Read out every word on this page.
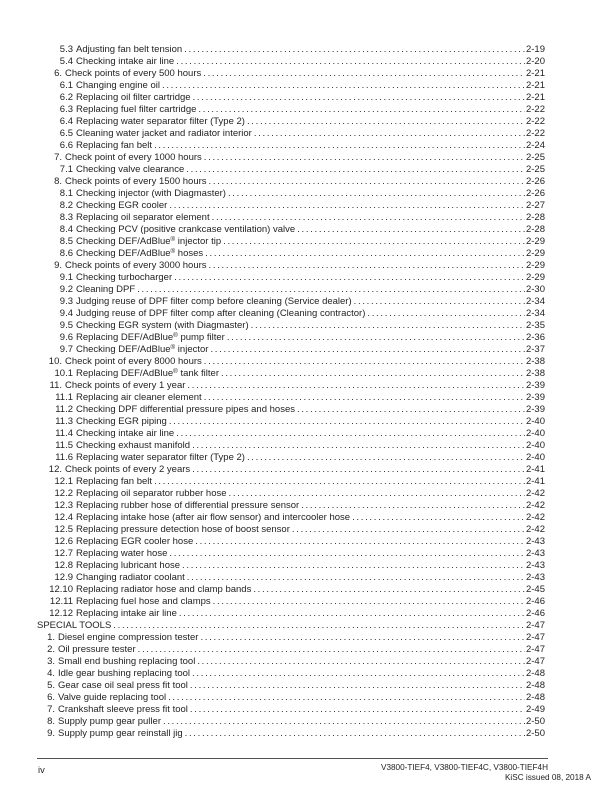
5.3 Adjusting fan belt tension .....	2-19
5.4 Checking intake air line .....	2-20
6. Check points of every 500 hours .....	2-21
6.1 Changing engine oil .....	2-21
6.2 Replacing oil filter cartridge .....	2-21
6.3 Replacing fuel filter cartridge .....	2-22
6.4 Replacing water separator filter (Type 2) .....	2-22
6.5 Cleaning water jacket and radiator interior .....	2-22
6.6 Replacing fan belt .....	2-24
7. Check point of every 1000 hours .....	2-25
7.1 Checking valve clearance .....	2-25
8. Check points of every 1500 hours .....	2-26
8.1 Checking injector (with Diagmaster) .....	2-26
8.2 Checking EGR cooler .....	2-27
8.3 Replacing oil separator element .....	2-28
8.4 Checking PCV (positive crankcase ventilation) valve .....	2-28
8.5 Checking DEF/AdBlue® injector tip .....	2-29
8.6 Checking DEF/AdBlue® hoses .....	2-29
9. Check points of every 3000 hours .....	2-29
9.1 Checking turbocharger .....	2-29
9.2 Cleaning DPF .....	2-30
9.3 Judging reuse of DPF filter comp before cleaning (Service dealer) .....	2-34
9.4 Judging reuse of DPF filter comp after cleaning (Cleaning contractor) .....	2-34
9.5 Checking EGR system (with Diagmaster) .....	2-35
9.6 Replacing DEF/AdBlue® pump filter .....	2-36
9.7 Checking DEF/AdBlue® injector .....	2-37
10. Check point of every 8000 hours .....	2-38
10.1 Replacing DEF/AdBlue® tank filter .....	2-38
11. Check points of every 1 year .....	2-39
11.1 Replacing air cleaner element .....	2-39
11.2 Checking DPF differential pressure pipes and hoses .....	2-39
11.3 Checking EGR piping .....	2-40
11.4 Checking intake air line .....	2-40
11.5 Checking exhaust manifold .....	2-40
11.6 Replacing water separator filter (Type 2) .....	2-40
12. Check points of every 2 years .....	2-41
12.1 Replacing fan belt .....	2-41
12.2 Replacing oil separator rubber hose .....	2-42
12.3 Replacing rubber hose of differential pressure sensor .....	2-42
12.4 Replacing intake hose (after air flow sensor) and intercooler hose .....	2-42
12.5 Replacing pressure detection hose of boost sensor .....	2-42
12.6 Replacing EGR cooler hose .....	2-43
12.7 Replacing water hose .....	2-43
12.8 Replacing lubricant hose .....	2-43
12.9 Changing radiator coolant .....	2-43
12.10 Replacing radiator hose and clamp bands .....	2-45
12.11 Replacing fuel hose and clamps .....	2-46
12.12 Replacing intake air line .....	2-46
SPECIAL TOOLS .....	2-47
1. Diesel engine compression tester .....	2-47
2. Oil pressure tester .....	2-47
3. Small end bushing replacing tool .....	2-47
4. Idle gear bushing replacing tool .....	2-48
5. Gear case oil seal press fit tool .....	2-48
6. Valve guide replacing tool .....	2-48
7. Crankshaft sleeve press fit tool .....	2-49
8. Supply pump gear puller .....	2-50
9. Supply pump gear reinstall jig .....	2-50
iv	V3800-TIEF4, V3800-TIEF4C, V3800-TIEF4H
KiSC issued 08, 2018 A
